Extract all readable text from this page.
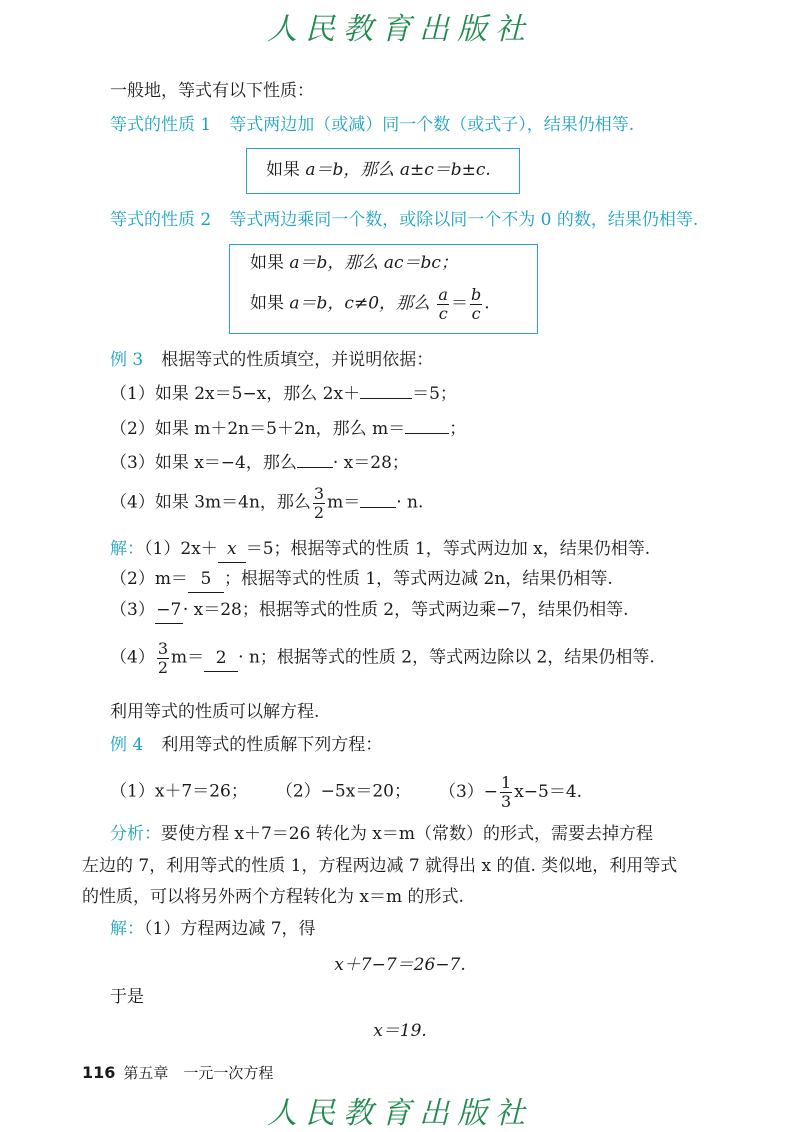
人民教育出版社
一般地，等式有以下性质：
等式的性质 1 等式两边加（或减）同一个数（或式子），结果仍相等.
如果 a＝b，那么 a±c＝b±c.
等式的性质 2 等式两边乘同一个数，或除以同一个不为 0 的数，结果仍相等.
如果 a＝b，那么 ac＝bc；
如果 a＝b，c≠0，那么 $\frac{a}{c} = \frac{b}{c}$ .
例 3 根据等式的性质填空，并说明依据：
（1）如果 2x＝5−x，那么 2x＋	＝5；
（2）如果 m＋2n＝5＋2n，那么 m＝	；
（3）如果 x＝−4，那么 · x＝28；
（4）如果 3m＝4n，那么 $\frac{3}{2} m= \cdot n$.
解：（1）2x＋ x ＝5；根据等式的性质 1，等式两边加 x，结果仍相等.
（2）m＝ 5 ；根据等式的性质 1，等式两边减 2n，结果仍相等.
（3）−7· x＝28；根据等式的性质 2，等式两边乘−7，结果仍相等.
$(4) \frac{3}{2} m= 2 \cdot n$；根据等式的性质 2，等式两边除以 2，结果仍相等.
利用等式的性质可以解方程.
例 4 利用等式的性质解下列方程：
（1）x＋7＝26； （2）−5x＝20； $(3)- \frac{1}{3} x-5=4$.
分析：要使方程 x＋7＝26 转化为 x＝m（常数）的形式，需要去掉方程
左边的 7，利用等式的性质 1，方程两边减 7 就得出 x 的值. 类似地，利用等式
的性质，可以将另外两个方程转化为 x＝m 的形式.
解：（1）方程两边减 7，得
x＋7−7＝26−7.
于是
x＝19.
116 第五章　一元一次方程
人民教育出版社
